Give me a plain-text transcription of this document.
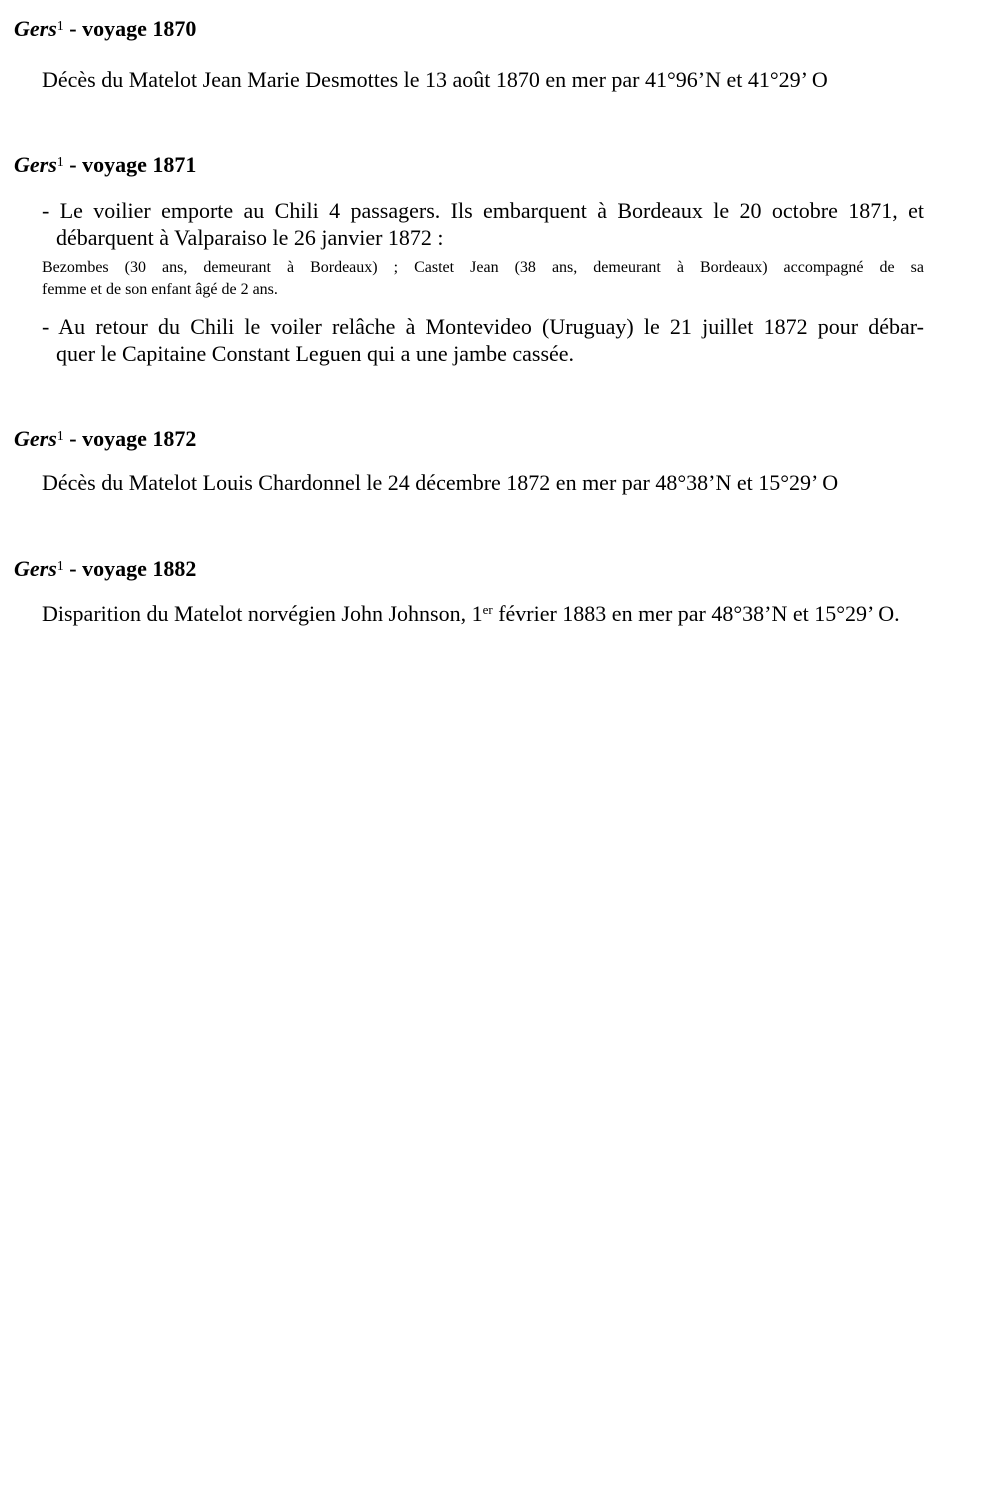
Gers$^1$ - voyage 1870
Décès du Matelot Jean Marie Desmottes le 13 août 1870 en mer par 41°96’N et 41°29’ O
Gers$^1$ - voyage 1871
- Le voilier emporte au Chili 4 passagers. Ils embarquent à Bordeaux le 20 octobre 1871, et
débarquent à Valparaiso le 26 janvier 1872 :
Bezombes (30 ans, demeurant à Bordeaux) ; Castet Jean (38 ans, demeurant à Bordeaux) accompagné de sa
femme et de son enfant âgé de 2 ans.
- Au retour du Chili le voiler relâche à Montevideo (Uruguay) le 21 juillet 1872 pour débar-
quer le Capitaine Constant Leguen qui a une jambe cassée.
Gers$^1$ - voyage 1872
Décès du Matelot Louis Chardonnel le 24 décembre 1872 en mer par 48°38’N et 15°29’ O
Gers$^1$ - voyage 1882
Disparition du Matelot norvégien John Johnson, 1er février 1883 en mer par 48°38’N et 15°29’ O.
